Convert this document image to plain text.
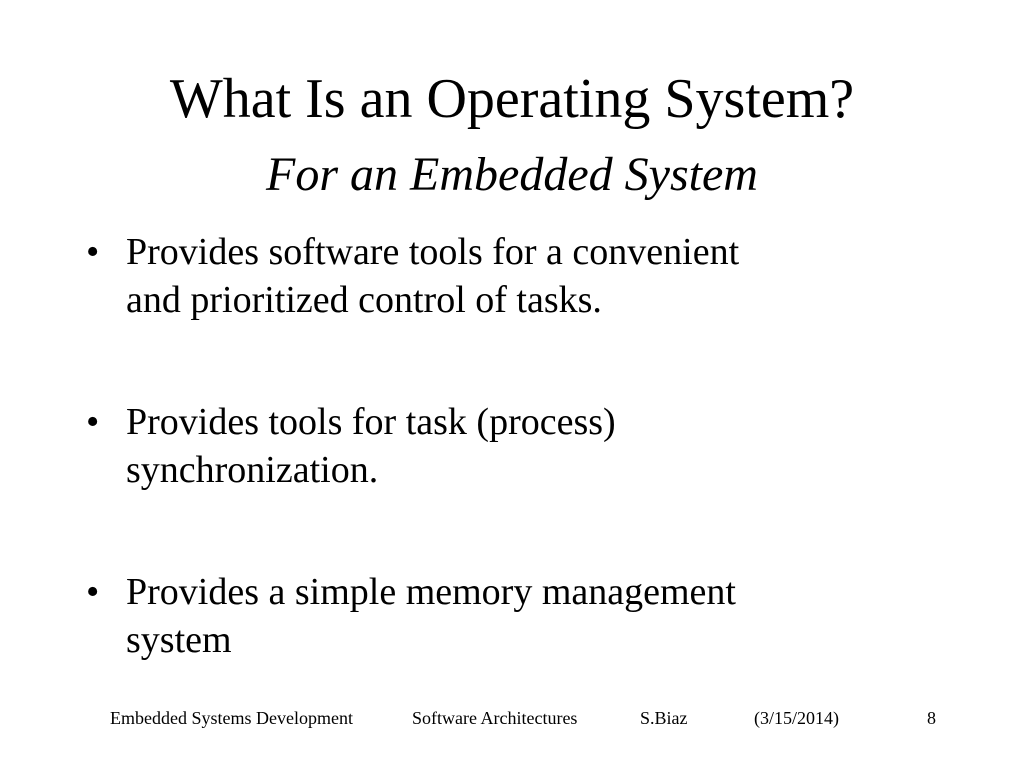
What Is an Operating System?
For an Embedded System
• Provides software tools for a convenient
and prioritized control of tasks.
• Provides tools for task (process)
synchronization.
• Provides a simple memory management
system
Embedded Systems Development	Software Architectures	S.Biaz	(3/15/2014)	8
